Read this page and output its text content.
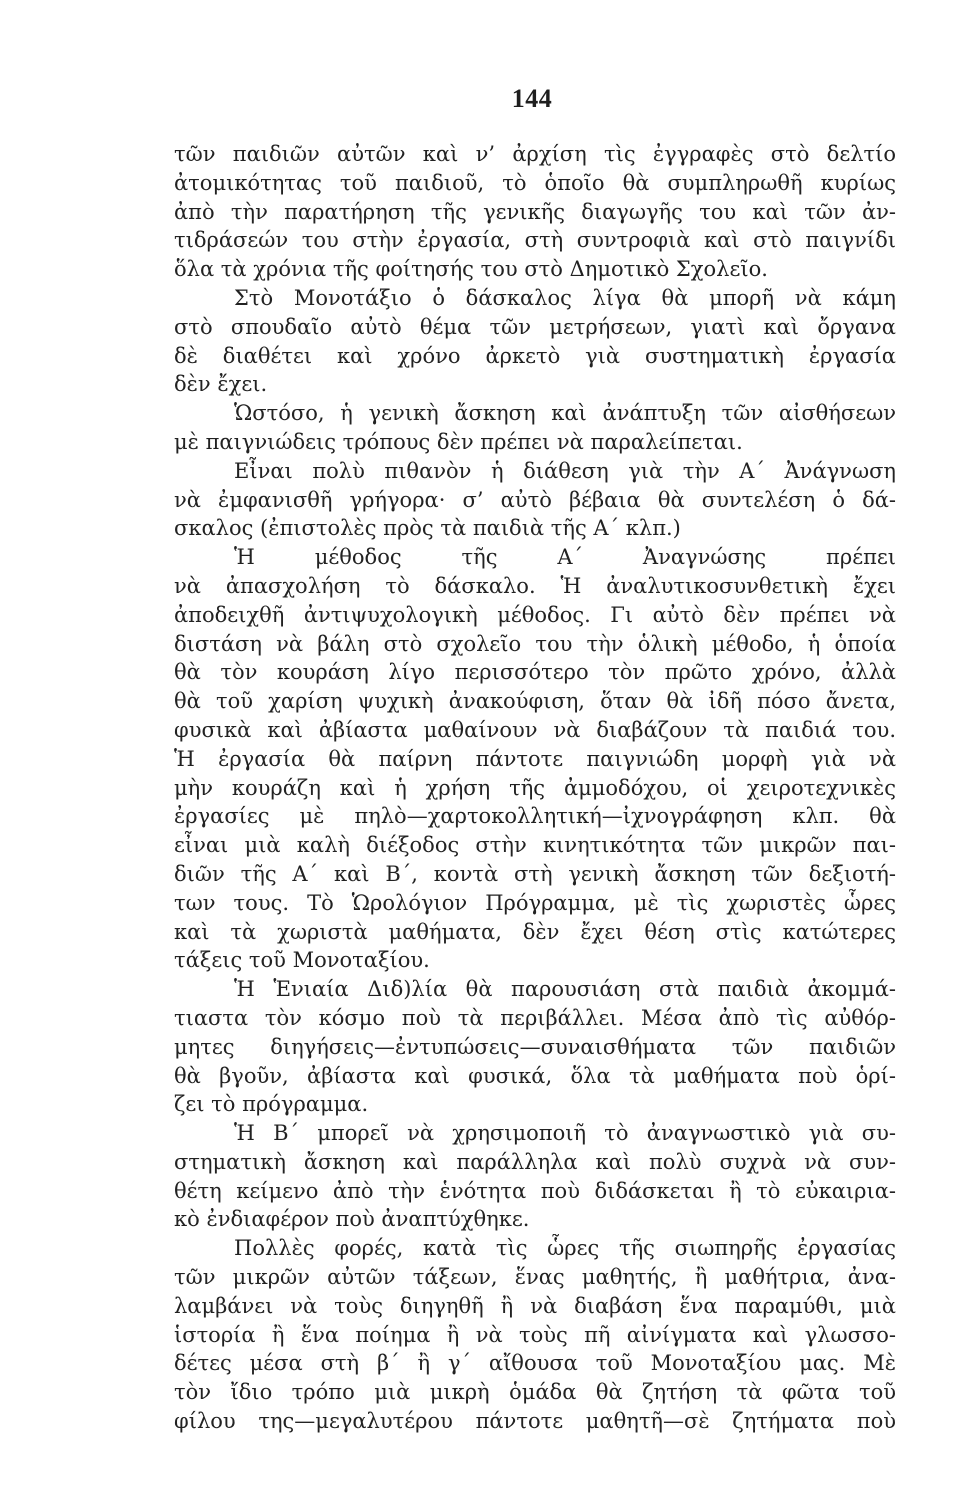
144
τῶν παιδιῶν αὐτῶν καὶ ν’ ἀρχίση τὶς ἐγγραφὲς στὸ δελτίο
ἀτομικότητας τοῦ παιδιοῦ, τὸ ὁποῖο θὰ συμπληρωθῆ κυρίως
ἀπὸ τὴν παρατήρηση τῆς γενικῆς διαγωγῆς του καὶ τῶν ἀν-
τιδράσεών του στὴν ἐργασία, στὴ συντροφιὰ καὶ στὸ παιγνίδι
ὅλα τὰ χρόνια τῆς φοίτησής του στὸ Δημοτικὸ Σχολεῖο.
Στὸ Μονοτάξιο ὁ δάσκαλος λίγα θὰ μπορῆ νὰ κάμη
στὸ σπουδαῖο αὐτὸ θέμα τῶν μετρήσεων, γιατὶ καὶ ὄργανα
δὲ διαθέτει καὶ χρόνο ἀρκετὸ γιὰ συστηματικὴ ἐργασία
δὲν ἔχει.
Ὡστόσο, ἡ γενικὴ ἄσκηση καὶ ἀνάπτυξη τῶν αἰσθήσεων
μὲ παιγνιώδεις τρόπους δὲν πρέπει νὰ παραλείπεται.
Εἶναι πολὺ πιθανὸν ἡ διάθεση γιὰ τὴν Α΄ Ἀνάγνωση
νὰ ἐμφανισθῆ γρήγορα· σ’ αὐτὸ βέβαια θὰ συντελέση ὁ δά-
σκαλος (ἐπιστολὲς πρὸς τὰ παιδιὰ τῆς Α΄ κλπ.)
Ἡ μέθοδος τῆς Α΄ Ἀναγνώσης πρέπει
νὰ ἀπασχολήση τὸ δάσκαλο. Ἡ ἀναλυτικοσυνθετικὴ ἔχει
ἀποδειχθῆ ἀντιψυχολογικὴ μέθοδος. Γι αὐτὸ δὲν πρέπει νὰ
διστάση νὰ βάλη στὸ σχολεῖο του τὴν ὁλικὴ μέθοδο, ἡ ὁποία
θὰ τὸν κουράση λίγο περισσότερο τὸν πρῶτο χρόνο, ἀλλὰ
θὰ τοῦ χαρίση ψυχικὴ ἀνακούφιση, ὅταν θὰ ἰδῆ πόσο ἄνετα,
φυσικὰ καὶ ἀβίαστα μαθαίνουν νὰ διαβάζουν τὰ παιδιά του.
Ἡ ἐργασία θὰ παίρνη πάντοτε παιγνιώδη μορφὴ γιὰ νὰ
μὴν κουράζη καὶ ἡ χρήση τῆς ἀμμοδόχου, οἱ χειροτεχνικὲς
ἐργασίες μὲ πηλὸ—χαρτοκολλητική—ἰχνογράφηση κλπ. θὰ
εἶναι μιὰ καλὴ διέξοδος στὴν κινητικότητα τῶν μικρῶν παι-
διῶν τῆς Α΄ καὶ Β΄, κοντὰ στὴ γενικὴ ἄσκηση τῶν δεξιοτή-
των τους. Τὸ Ὡρολόγιον Πρόγραμμα, μὲ τὶς χωριστὲς ὧρες
καὶ τὰ χωριστὰ μαθήματα, δὲν ἔχει θέση στὶς κατώτερες
τάξεις τοῦ Μονοταξίου.
Ἡ Ἑνιαία Διδ)λία θὰ παρουσιάση στὰ παιδιὰ ἀκομμά-
τιαστα τὸν κόσμο ποὺ τὰ περιβάλλει. Μέσα ἀπὸ τὶς αὐθόρ-
μητες διηγήσεις—ἐντυπώσεις—συναισθήματα τῶν παιδιῶν
θὰ βγοῦν, ἀβίαστα καὶ φυσικά, ὅλα τὰ μαθήματα ποὺ ὁρί-
ζει τὸ πρόγραμμα.
Ἡ Β΄ μπορεῖ νὰ χρησιμοποιῆ τὸ ἀναγνωστικὸ γιὰ συ-
στηματικὴ ἄσκηση καὶ παράλληλα καὶ πολὺ συχνὰ νὰ συν-
θέτη κείμενο ἀπὸ τὴν ἑνότητα ποὺ διδάσκεται ἢ τὸ εὐκαιρια-
κὸ ἐνδιαφέρον ποὺ ἀναπτύχθηκε.
Πολλὲς φορές, κατὰ τὶς ὧρες τῆς σιωπηρῆς ἐργασίας
τῶν μικρῶν αὐτῶν τάξεων, ἕνας μαθητής, ἢ μαθήτρια, ἀνα-
λαμβάνει νὰ τοὺς διηγηθῆ ἢ νὰ διαβάση ἕνα παραμύθι, μιὰ
ἱστορία ἢ ἕνα ποίημα ἢ νὰ τοὺς πῆ αἰνίγματα καὶ γλωσσο-
δέτες μέσα στὴ β΄ ἢ γ΄ αἴθουσα τοῦ Μονοταξίου μας. Μὲ
τὸν ἴδιο τρόπο μιὰ μικρὴ ὁμάδα θὰ ζητήση τὰ φῶτα τοῦ
φίλου της—μεγαλυτέρου πάντοτε μαθητῆ—σὲ ζητήματα ποὺ
